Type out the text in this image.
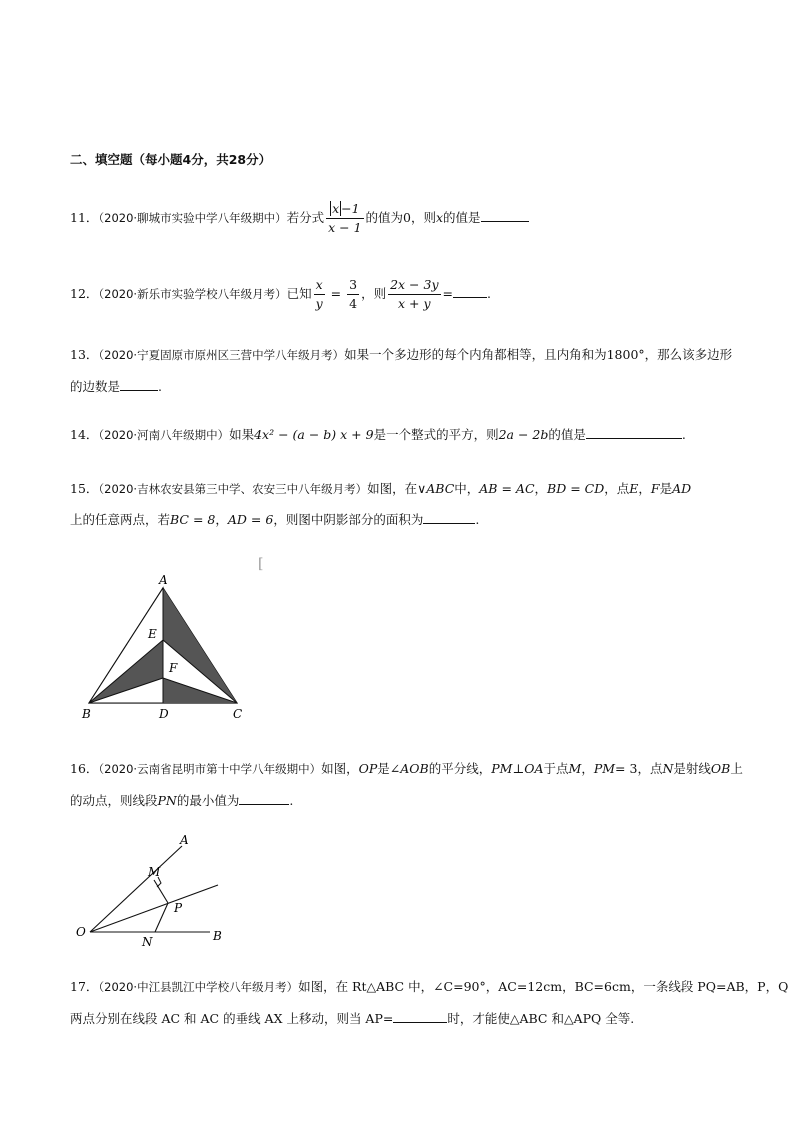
二、填空题（每小题4分，共28分）
11．（2020·聊城市实验中学八年级期中）若分式 $\frac{x -1}{x - 1}$ 的值为0，则x的值是
12．（2020·新乐市实验学校八年级月考）已知 $\frac{x}{y} = \frac{3}{4}$ ，则 $\frac{2x - 3y}{x + y}$ =	.
13．（2020·宁夏固原市原州区三营中学八年级月考）如果一个多边形的每个内角都相等，且内角和为1800°，那么该多边形
的边数是	.
14．（2020·河南八年级期中）如果4x² − (a − b) x + 9是一个整式的平方，则2a − 2b的值是	.
15．（2020·吉林农安县第三中学、农安三中八年级月考）如图，在∨ABC中，AB = AC，BD = CD，点E，F是AD
上的任意两点，若BC = 8，AD = 6，则图中阴影部分的面积为	.
[
A
E
F
B	D	C
16．（2020·云南省昆明市第十中学八年级期中）如图，OP是∠AOB的平分线，PM⊥OA于点M，PM= 3，点N是射线OB上
的动点，则线段PN的最小值为	.
A
M
P
O
N	B
17．（2020·中江县凯江中学校八年级月考）如图，在 Rt△ABC 中，∠C=90°，AC=12cm，BC=6cm，一条线段 PQ=AB，P，Q
两点分别在线段 AC 和 AC 的垂线 AX 上移动，则当 AP=	时，才能使△ABC 和△APQ 全等.
